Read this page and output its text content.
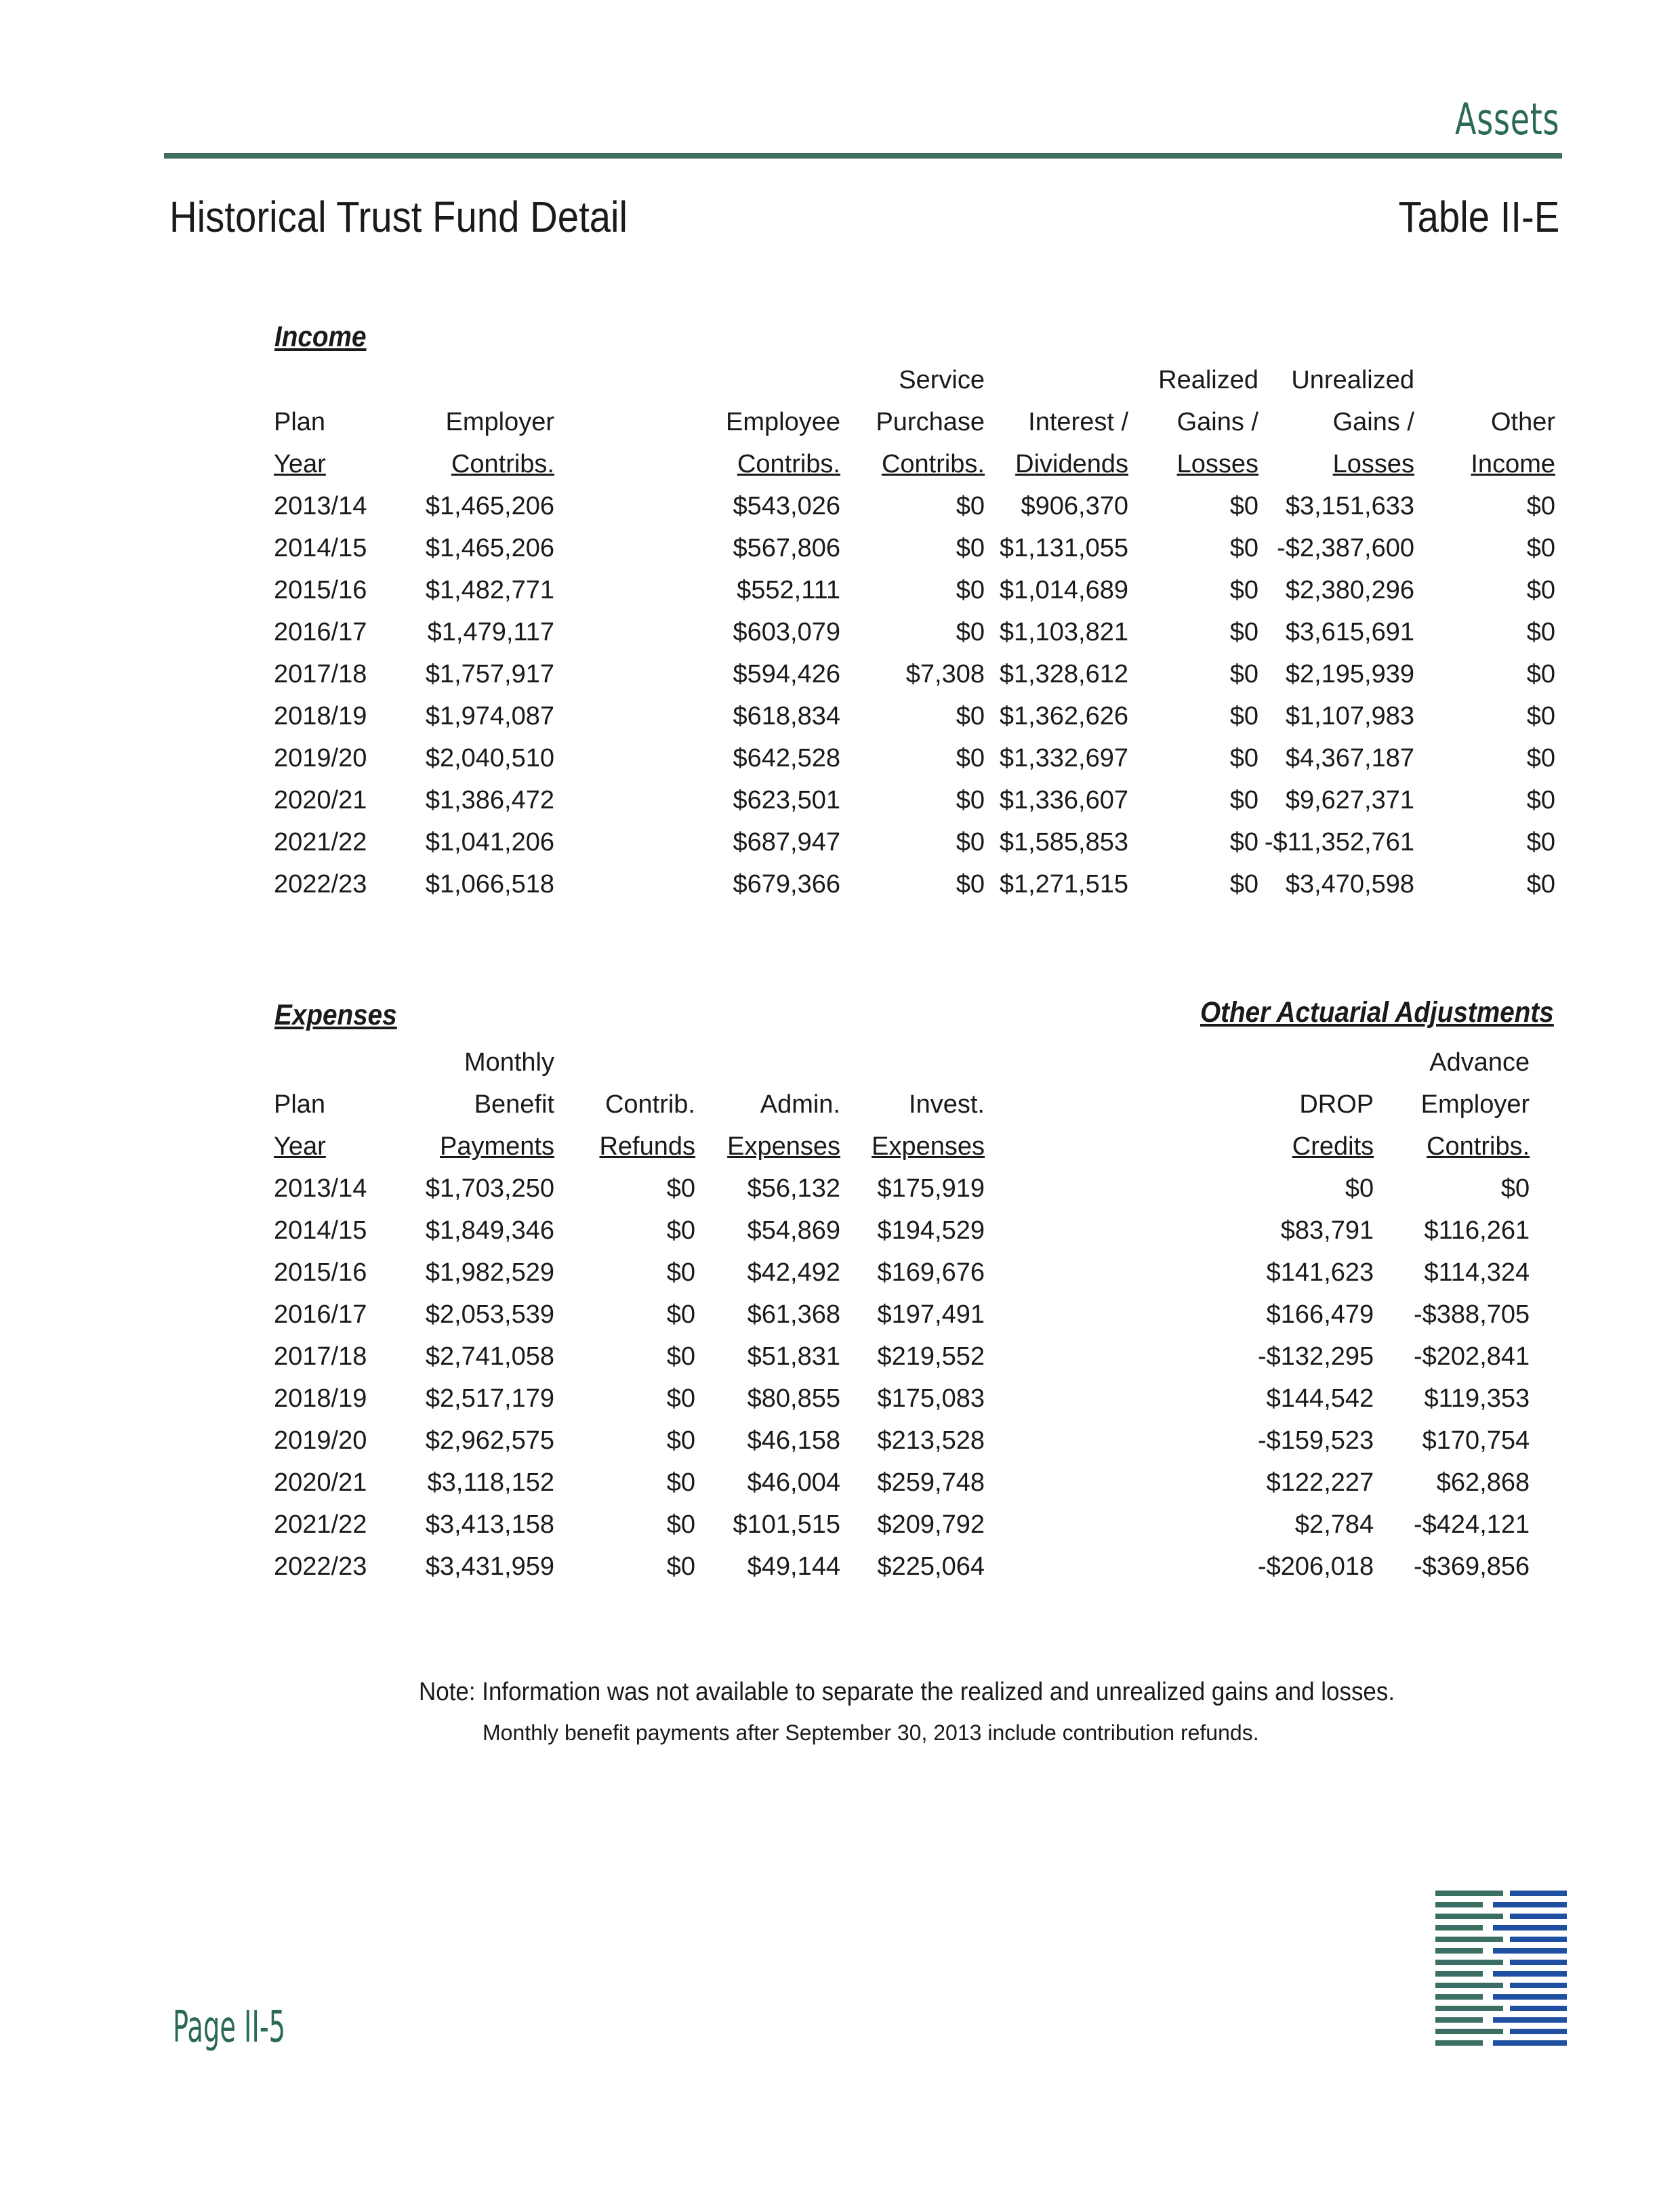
Assets
Historical Trust Fund Detail	Table II-E
Income
			Service		Realized	Unrealized	
Plan	Employer	Employee	Purchase	Interest /	Gains /	Gains /	Other
Year	Contribs.	Contribs.	Contribs.	Dividends	Losses	Losses	Income
2013/14	$1,465,206	$543,026	$0	$906,370	$0	$3,151,633	$0
2014/15	$1,465,206	$567,806	$0	$1,131,055	$0	-$2,387,600	$0
2015/16	$1,482,771	$552,111	$0	$1,014,689	$0	$2,380,296	$0
2016/17	$1,479,117	$603,079	$0	$1,103,821	$0	$3,615,691	$0
2017/18	$1,757,917	$594,426	$7,308	$1,328,612	$0	$2,195,939	$0
2018/19	$1,974,087	$618,834	$0	$1,362,626	$0	$1,107,983	$0
2019/20	$2,040,510	$642,528	$0	$1,332,697	$0	$4,367,187	$0
2020/21	$1,386,472	$623,501	$0	$1,336,607	$0	$9,627,371	$0
2021/22	$1,041,206	$687,947	$0	$1,585,853	$0	-$11,352,761	$0
2022/23	$1,066,518	$679,366	$0	$1,271,515	$0	$3,470,598	$0
Expenses	Other Actuarial Adjustments
	Monthly						Advance
Plan	Benefit	Contrib.	Admin.	Invest.		DROP	Employer
Year	Payments	Refunds	Expenses	Expenses		Credits	Contribs.
2013/14	$1,703,250	$0	$56,132	$175,919		$0	$0
2014/15	$1,849,346	$0	$54,869	$194,529		$83,791	$116,261
2015/16	$1,982,529	$0	$42,492	$169,676		$141,623	$114,324
2016/17	$2,053,539	$0	$61,368	$197,491		$166,479	-$388,705
2017/18	$2,741,058	$0	$51,831	$219,552		-$132,295	-$202,841
2018/19	$2,517,179	$0	$80,855	$175,083		$144,542	$119,353
2019/20	$2,962,575	$0	$46,158	$213,528		-$159,523	$170,754
2020/21	$3,118,152	$0	$46,004	$259,748		$122,227	$62,868
2021/22	$3,413,158	$0	$101,515	$209,792		$2,784	-$424,121
2022/23	$3,431,959	$0	$49,144	$225,064		-$206,018	-$369,856
Note: Information was not available to separate the realized and unrealized gains and losses.
Monthly benefit payments after September 30, 2013 include contribution refunds.
Page II-5
